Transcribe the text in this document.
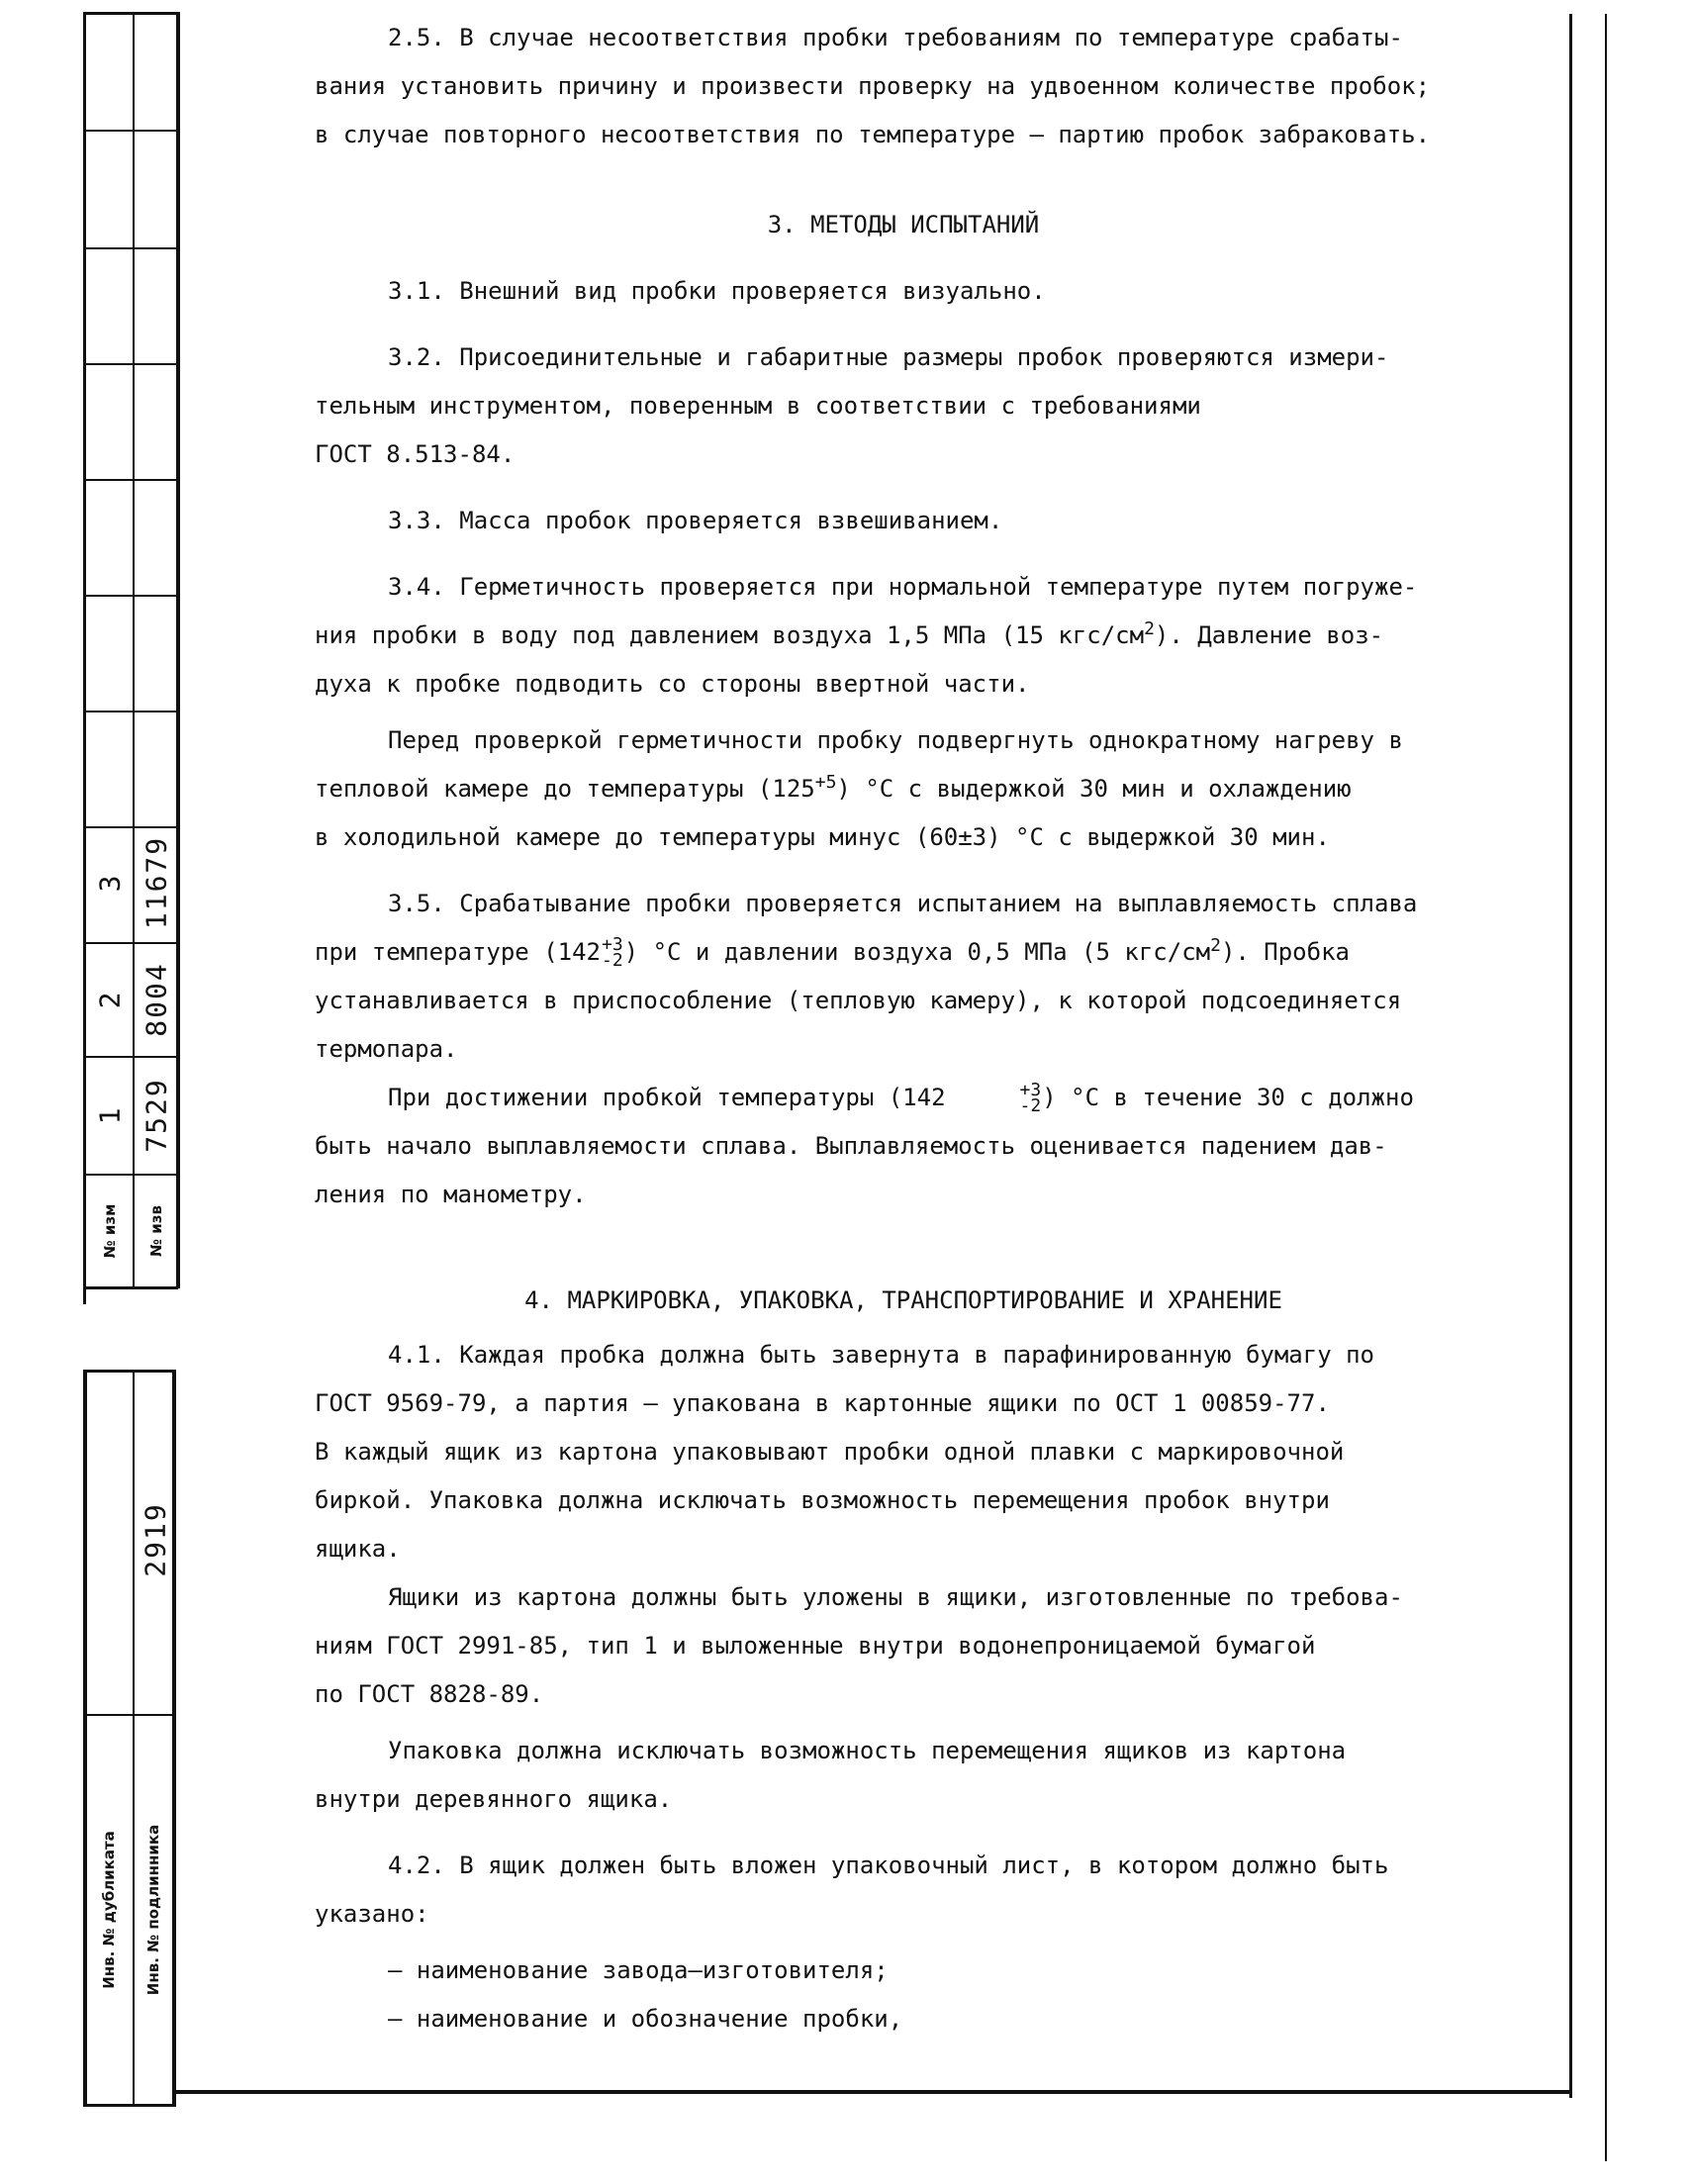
3 11679
2 8004
1 7529
№ изм № изв
2919
Инв. № дубликата Инв. № подлинника

2.5. В случае несоответствия пробки требованиям по температуре срабаты-

вания установить причину и произвести проверку на удвоенном количестве пробок;

в случае повторного несоответствия по температуре – партию пробок забраковать.

3. МЕТОДЫ ИСПЫТАНИЙ

3.1. Внешний вид пробки проверяется визуально.

3.2. Присоединительные и габаритные размеры пробок проверяются измери-

тельным инструментом, поверенным в соответствии с требованиями

ГОСТ 8.513-84.

3.3. Масса пробок проверяется взвешиванием.

3.4. Герметичность проверяется при нормальной температуре путем погруже-

ния пробки в воду под давлением воздуха 1,5 МПа (15 кгс/$см^2$). Давление воз-

духа к пробке подводить со стороны ввертной части.

Перед проверкой герметичности пробку подвергнуть однократному нагреву в

тепловой камере до температуры $(125^{+5})$ °С с выдержкой 30 мин и охлаждению

в холодильной камере до температуры минус (60±3) °С с выдержкой 30 мин.

3.5. Срабатывание пробки проверяется испытанием на выплавляемость сплава

при температуре (142 +3
-2 ) °С и давлении воздуха 0,5 МПа (5 кгс/$см^2$). Пробка

устанавливается в приспособление (тепловую камеру), к которой подсоединяется

термопара.

При достижении пробкой температуры (142	+3
-2 ) °С в течение 30 с должно

быть начало выплавляемости сплава. Выплавляемость оценивается падением дав-

ления по манометру.

4. МАРКИРОВКА, УПАКОВКА, ТРАНСПОРТИРОВАНИЕ И ХРАНЕНИЕ

4.1. Каждая пробка должна быть завернута в парафинированную бумагу по

ГОСТ 9569-79, а партия – упакована в картонные ящики по ОСТ 1 00859-77.

В каждый ящик из картона упаковывают пробки одной плавки с маркировочной

биркой. Упаковка должна исключать возможность перемещения пробок внутри

ящика.

Ящики из картона должны быть уложены в ящики, изготовленные по требова-

ниям ГОСТ 2991-85, тип 1 и выложенные внутри водонепроницаемой бумагой

по ГОСТ 8828-89.

Упаковка должна исключать возможность перемещения ящиков из картона

внутри деревянного ящика.

4.2. В ящик должен быть вложен упаковочный лист, в котором должно быть

указано:

– наименование завода–изготовителя;

– наименование и обозначение пробки,
